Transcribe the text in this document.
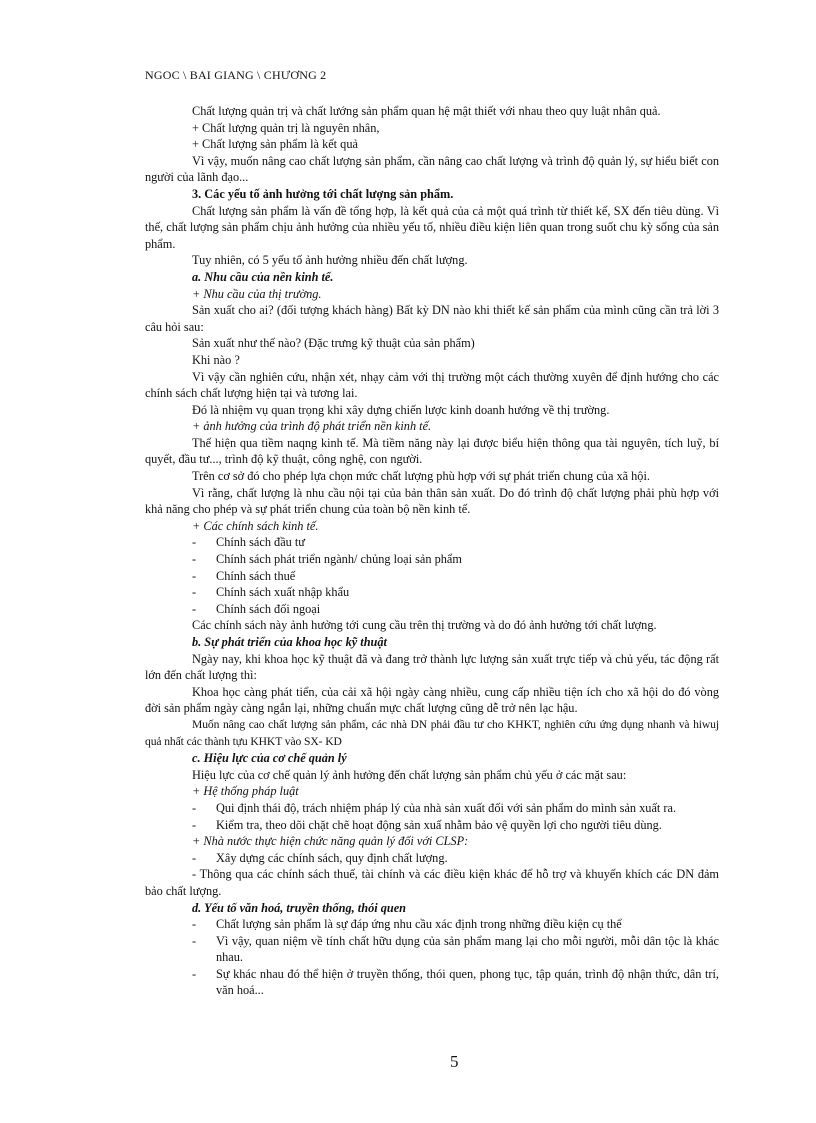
NGOC \ BAI GIANG \ CHƯƠNG 2

Chất lượng quản trị và chất lướng sản phẩm quan hệ mật thiết với nhau theo quy luật nhân quả.

+ Chất lượng quản trị là nguyên nhân,

+ Chất lượng sản phẩm là kết quả

Vì vậy, muốn nâng cao chất lượng sản phẩm, cần nâng cao chất lượng và trình độ quản lý, sự hiểu biết con người của lãnh đạo...

3. Các yếu tố ảnh hưởng tới chất lượng sản phẩm.

Chất lượng sản phẩm là vấn đề tổng hợp, là kết quả của cả một quá trình từ thiết kế, SX đến tiêu dùng. Vì thế, chất lượng sản phẩm chịu ảnh hưởng của nhiều yếu tố, nhiều điều kiện liên quan trong suốt chu kỳ sống của sản phẩm.

Tuy nhiên, có 5 yếu tố ảnh hưởng nhiều đến chất lượng.

a. Nhu cầu của nền kinh tế.

+ Nhu cầu của thị trường.

Sản xuất cho ai? (đối tượng khách hàng) Bất kỳ DN nào khi thiết kế sản phẩm của mình cũng cần trả lời 3 câu hỏi sau:

Sản xuất như thế nào? (Đặc trưng kỹ thuật của sản phẩm)

Khi nào ?

Vì vậy cần nghiên cứu, nhận xét, nhạy cảm với thị trường một cách thường xuyên để định hướng cho các chính sách chất lượng hiện tại và tương lai.

Đó là nhiệm vụ quan trọng khi xây dựng chiến lược kinh doanh hướng về thị trường.

+ ảnh hưởng của trình độ phát triển nền kinh tế.

Thể hiện qua tiềm naqng kinh tế. Mà tiềm năng này lại được biểu hiện thông qua tài nguyên, tích luỹ, bí quyết, đầu tư..., trình độ kỹ thuật, công nghệ, con người.

Trên cơ sở đó cho phép lựa chọn mức chất lượng phù hợp với sự phát triển chung của xã hội.

Vì rằng, chất lượng là nhu cầu nội tại của bản thân sản xuất. Do đó trình độ chất lượng phải phù hợp với khả năng cho phép và sự phát triển chung của toàn bộ nền kinh tế.

+ Các chính sách kinh tế.

- Chính sách đầu tư

- Chính sách phát triển ngành/ chủng loại sản phẩm

- Chính sách thuế

- Chính sách xuất nhập khẩu

- Chính sách đối ngoại

Các chính sách này ảnh hưởng tới cung cầu trên thị trường và do đó ảnh hưởng tới chất lượng.

b. Sự phát triển của khoa học kỹ thuật

Ngày nay, khi khoa học kỹ thuật đã và đang trở thành lực lượng sản xuất trực tiếp và chủ yếu, tác động rất lớn đến chất lượng thì:

Khoa học càng phát tiển, của cải xã hội ngày càng nhiều, cung cấp nhiều tiện ích cho xã hội do đó vòng đời sản phẩm ngày càng ngắn lại, những chuẩn mực chất lượng cũng dễ trở nên lạc hậu.

Muốn nâng cao chất lượng sản phẩm, các nhà DN phải đầu tư cho KHKT, nghiên cứu ứng dụng nhanh và hiwuj quả nhất các thành tựu KHKT vào SX- KD

c. Hiệu lực của cơ chế quản lý

Hiệu lực của cơ chế quản lý ảnh hưởng đến chất lượng sản phẩm chủ yếu ở các mặt sau:

+ Hệ thống pháp luật

- Qui định thái độ, trách nhiệm pháp lý của nhà sản xuất đối với sản phẩm do mình sản xuất ra.

- Kiểm tra, theo dõi chặt chẽ hoạt động sản xuấ nhằm bảo vệ quyền lợi cho người tiêu dùng.

+ Nhà nước thực hiện chức năng quản lý đối với CLSP:

- Xây dựng các chính sách, quy định chất lượng.

- Thông qua các chính sách thuế, tài chính và các điều kiện khác để hỗ trợ và khuyến khích các DN đảm bảo chất lượng.

d. Yếu tố văn hoá, truyền thống, thói quen

- Chất lượng sản phẩm là sự đáp ứng nhu cầu xác định trong những điều kiện cụ thể

- Vì vậy, quan niệm về tính chất hữu dụng của sản phẩm mang lại cho mỗi người, mỗi dân tộc là khác nhau.

- Sự khác nhau đó thể hiện ở truyền thống, thói quen, phong tục, tập quán, trình độ nhận thức, dân trí, văn hoá...

5
